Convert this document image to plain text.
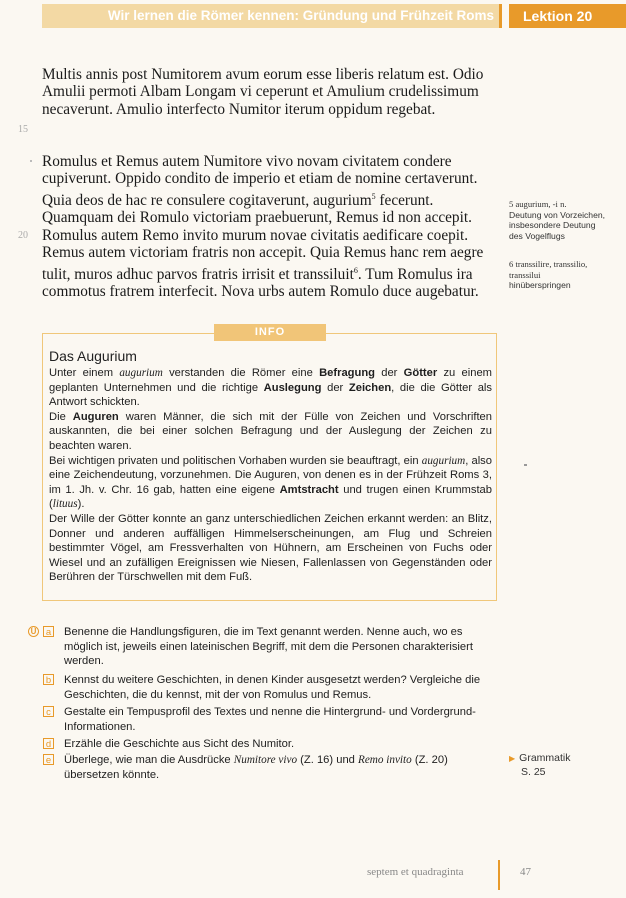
Wir lernen die Römer kennen: Gründung und Frühzeit Roms	Lektion 20

Multis annis post Numitorem avum eorum esse liberis relatum est. Odio Amulii permoti Albam Longam vi ceperunt et Amulium crudelissimum necaverunt. Amulio interfecto Numitor iterum oppidum regebat.

15

Romulus et Remus autem Numitore vivo novam civitatem condere cupiverunt. Oppido condito de imperio et etiam de nomine certaverunt. Quia deos de hac re consulere cogitaverunt, augurium$^5$ fecerunt. Quamquam dei Romulo victoriam praebuerunt, Remus id non accepit. Romulus autem Remo invito murum novae civitatis aedificare coepit. Remus autem victoriam fratris non accepit. Quia Remus hanc rem aegre tulit, muros adhuc parvos fratris irrisit et transsiluit$^6$. Tum Romulus ira commotus fratrem interfecit. Nova urbs autem Romulo duce augebatur.

20
5 augurium, -i n.
Deutung von Vorzeichen, insbesondere Deutung des Vogelflugs
6 transsilire, transsilio, transsilui
hinüberspringen
INFO
Das Augurium

Unter einem augurium verstanden die Römer eine Befragung der Götter zu einem geplanten Unternehmen und die richtige Auslegung der Zeichen, die die Götter als Antwort schickten.

Die Auguren waren Männer, die sich mit der Fülle von Zeichen und Vorschriften auskannten, die bei einer solchen Befragung und der Auslegung der Zeichen zu beachten waren.

Bei wichtigen privaten und politischen Vorhaben wurden sie beauftragt, ein augurium, also eine Zeichendeutung, vorzunehmen. Die Auguren, von denen es in der Frühzeit Roms 3, im 1. Jh. v. Chr. 16 gab, hatten eine eigene Amtstracht und trugen einen Krummstab (lituus).

Der Wille der Götter konnte an ganz unterschiedlichen Zeichen erkannt werden: an Blitz, Donner und anderen auffälligen Himmelserscheinungen, am Flug und Schreien bestimmter Vögel, am Fressverhalten von Hühnern, am Erscheinen von Fuchs oder Wiesel und an zufälligen Ereignissen wie Niesen, Fallenlassen von Gegenständen oder Berühren der Türschwellen mit dem Fuß.

Ü a Benenne die Handlungsfiguren, die im Text genannt werden. Nenne auch, wo es möglich ist, jeweils einen lateinischen Begriff, mit dem die Personen charakterisiert werden.
b Kennst du weitere Geschichten, in denen Kinder ausgesetzt werden? Vergleiche die Geschichten, die du kennst, mit der von Romulus und Remus.
c Gestalte ein Tempusprofil des Textes und nenne die Hintergrund- und Vordergrund-Informationen.
d Erzähle die Geschichte aus Sicht des Numitor.
e Überlege, wie man die Ausdrücke Numitore vivo (Z. 16) und Remo invito (Z. 20) übersetzen könnte.
▶ Grammatik
S. 25
septem et quadraginta	47
